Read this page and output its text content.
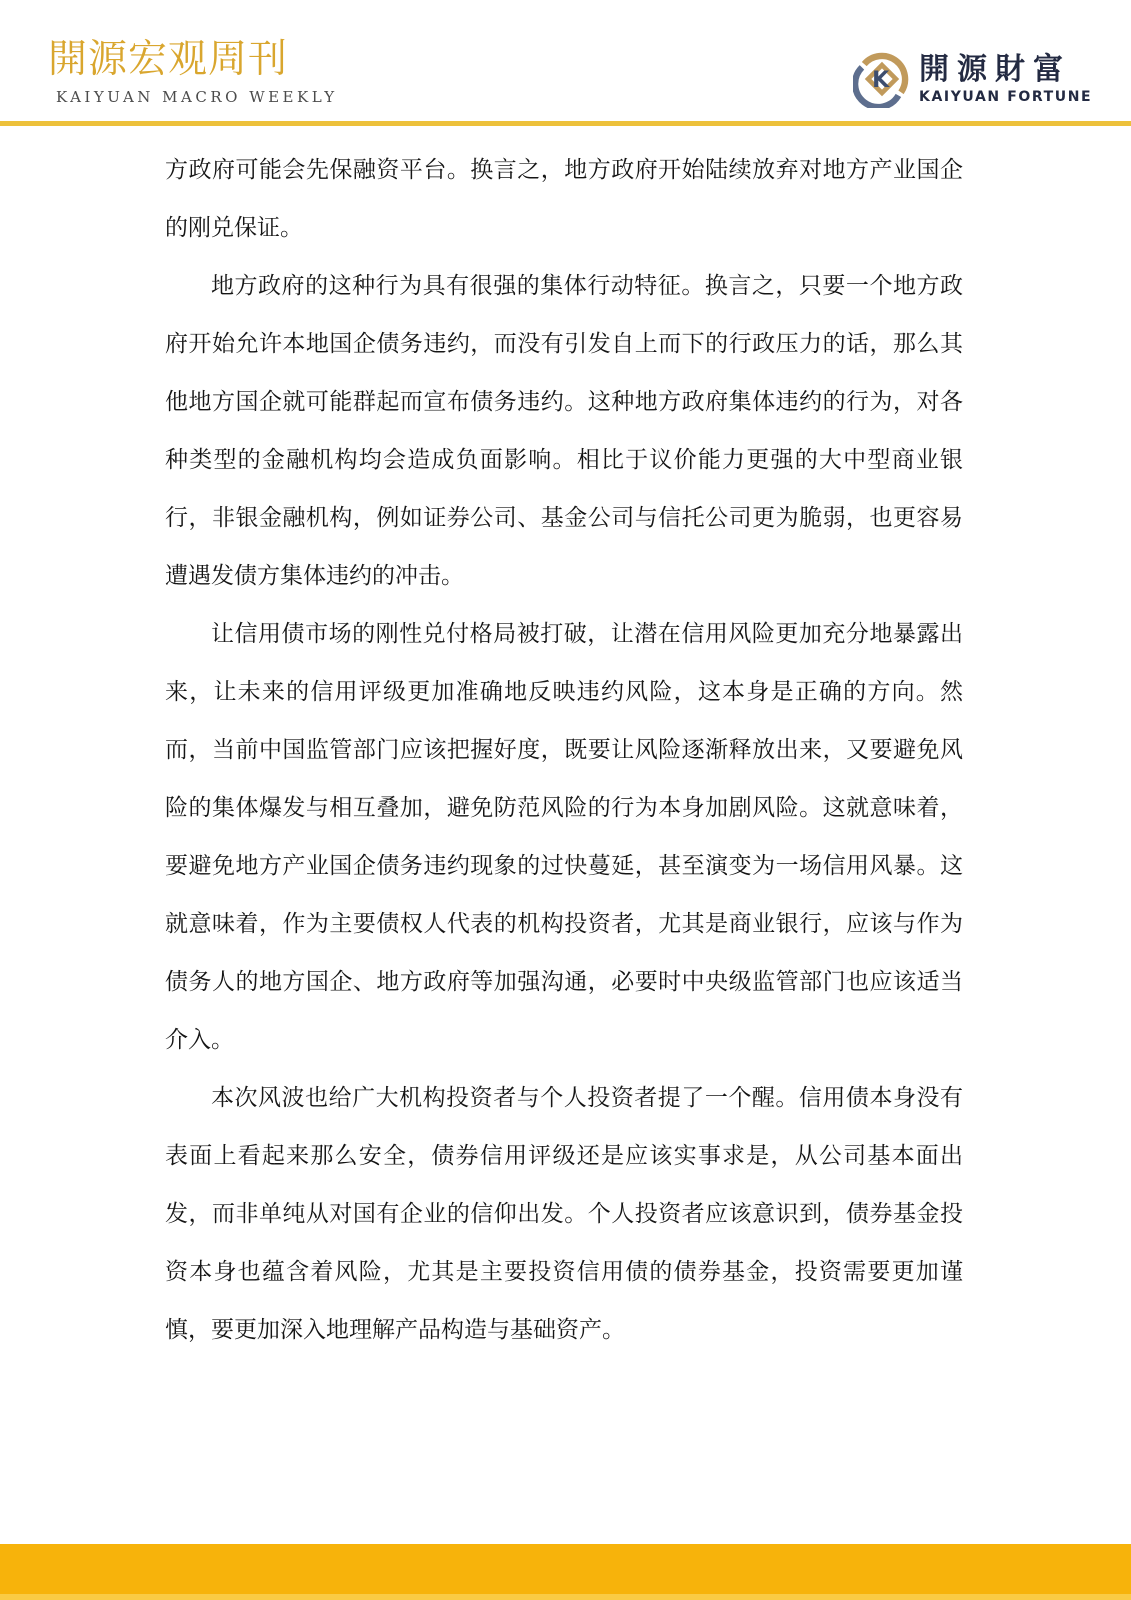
開源宏观周刊
KAIYUAN MACRO WEEKLY
K 開源財富
KAIYUAN FORTUNE

方政府可能会先保融资平台。换言之，地方政府开始陆续放弃对地方产业国企的刚兑保证。

地方政府的这种行为具有很强的集体行动特征。换言之，只要一个地方政府开始允许本地国企债务违约，而没有引发自上而下的行政压力的话，那么其他地方国企就可能群起而宣布债务违约。这种地方政府集体违约的行为，对各种类型的金融机构均会造成负面影响。相比于议价能力更强的大中型商业银行，非银金融机构，例如证券公司、基金公司与信托公司更为脆弱，也更容易遭遇发债方集体违约的冲击。

让信用债市场的刚性兑付格局被打破，让潜在信用风险更加充分地暴露出来，让未来的信用评级更加准确地反映违约风险，这本身是正确的方向。然而，当前中国监管部门应该把握好度，既要让风险逐渐释放出来，又要避免风险的集体爆发与相互叠加，避免防范风险的行为本身加剧风险。这就意味着，要避免地方产业国企债务违约现象的过快蔓延，甚至演变为一场信用风暴。这就意味着，作为主要债权人代表的机构投资者，尤其是商业银行，应该与作为债务人的地方国企、地方政府等加强沟通，必要时中央级监管部门也应该适当介入。

本次风波也给广大机构投资者与个人投资者提了一个醒。信用债本身没有表面上看起来那么安全，债券信用评级还是应该实事求是，从公司基本面出发，而非单纯从对国有企业的信仰出发。个人投资者应该意识到，债券基金投资本身也蕴含着风险，尤其是主要投资信用债的债券基金，投资需要更加谨慎，要更加深入地理解产品构造与基础资产。
